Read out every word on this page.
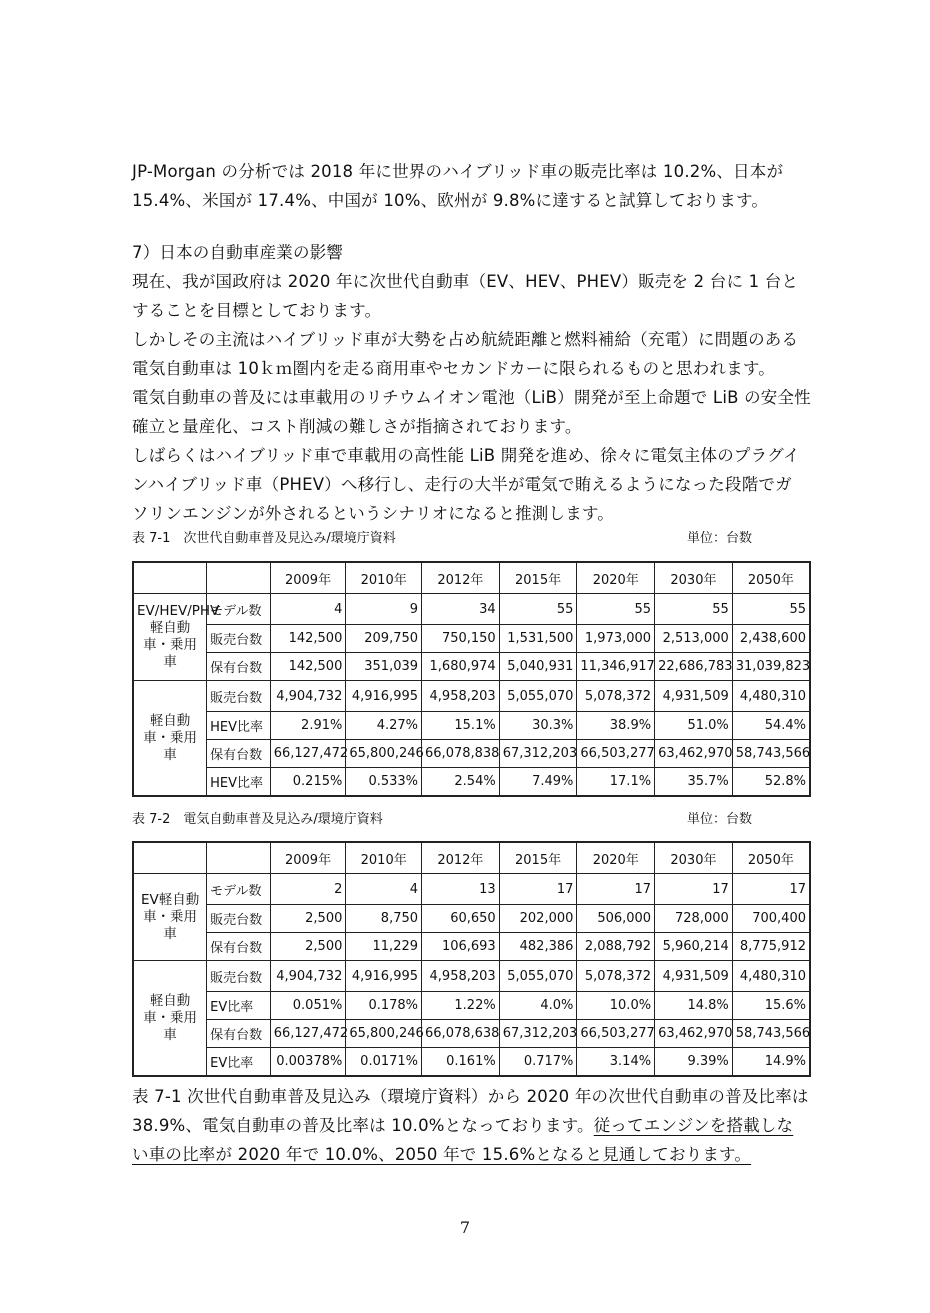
JP-Morgan の分析では 2018 年に世界のハイブリッド車の販売比率は 10.2%、日本が
15.4%、米国が 17.4%、中国が 10%、欧州が 9.8%に達すると試算しております。

7）日本の自動車産業の影響

現在、我が国政府は 2020 年に次世代自動車（EV、HEV、PHEV）販売を 2 台に 1 台と
することを目標としております。
しかしその主流はハイブリッド車が大勢を占め航続距離と燃料補給（充電）に問題のある
電気自動車は 10ｋｍ圏内を走る商用車やセカンドカーに限られるものと思われます。
電気自動車の普及には車載用のリチウムイオン電池（LiB）開発が至上命題で LiB の安全性
確立と量産化、コスト削減の難しさが指摘されております。
しばらくはハイブリッド車で車載用の高性能 LiB 開発を進め、徐々に電気主体のプラグイ
ンハイブリッド車（PHEV）へ移行し、走行の大半が電気で賄えるようになった段階でガ
ソリンエンジンが外されるというシナリオになると推測します。

表 7-1　次世代自動車普及見込み/環境庁資料	単位：台数
		2009年	2010年	2012年	2015年	2020年	2030年	2050年
EV/HEV/PHV軽自動車・乗用車	モデル数	4	9	34	55	55	55	55
	販売台数	142,500	209,750	750,150	1,531,500	1,973,000	2,513,000	2,438,600
	保有台数	142,500	351,039	1,680,974	5,040,931	11,346,917	22,686,783	31,039,823
軽自動車・乗用車	販売台数	4,904,732	4,916,995	4,958,203	5,055,070	5,078,372	4,931,509	4,480,310
	HEV比率	2.91%	4.27%	15.1%	30.3%	38.9%	51.0%	54.4%
	保有台数	66,127,472	65,800,246	66,078,838	67,312,203	66,503,277	63,462,970	58,743,566
	HEV比率	0.215%	0.533%	2.54%	7.49%	17.1%	35.7%	52.8%
表 7-2　電気自動車普及見込み/環境庁資料	単位：台数
		2009年	2010年	2012年	2015年	2020年	2030年	2050年
EV軽自動車・乗用車	モデル数	2	4	13	17	17	17	17
	販売台数	2,500	8,750	60,650	202,000	506,000	728,000	700,400
	保有台数	2,500	11,229	106,693	482,386	2,088,792	5,960,214	8,775,912
軽自動車・乗用車	販売台数	4,904,732	4,916,995	4,958,203	5,055,070	5,078,372	4,931,509	4,480,310
	EV比率	0.051%	0.178%	1.22%	4.0%	10.0%	14.8%	15.6%
	保有台数	66,127,472	65,800,246	66,078,638	67,312,203	66,503,277	63,462,970	58,743,566
	EV比率	0.00378%	0.0171%	0.161%	0.717%	3.14%	9.39%	14.9%

表 7-1 次世代自動車普及見込み（環境庁資料）から 2020 年の次世代自動車の普及比率は
38.9%、電気自動車の普及比率は 10.0%となっております。従ってエンジンを搭載しな
い車の比率が 2020 年で 10.0%、2050 年で 15.6%となると見通しております。

7
